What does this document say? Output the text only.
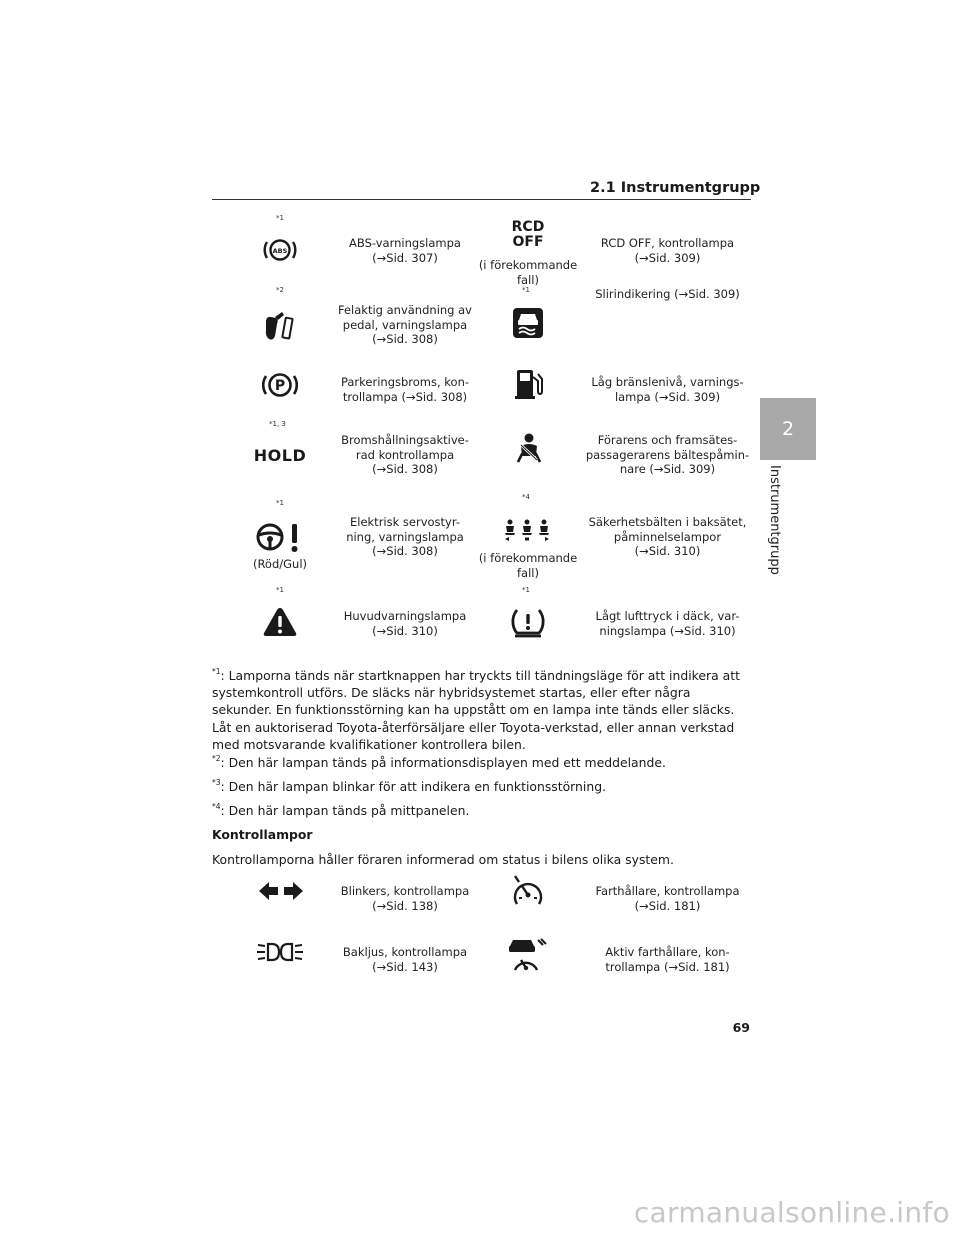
2.1 Instrumentgrupp
2
Instrumentgrupp
*1
ABS
ABS-varningslampa
(→Sid. 307)
RCD
OFF
(i förekommande
fall)
RCD OFF, kontrollampa
(→Sid. 309)
*2
Felaktig användning av
pedal, varningslampa
(→Sid. 308)
*1	Slirindikering (→Sid. 309)
P	Parkeringsbroms, kon-
trollampa (→Sid. 308)
Låg bränslenivå, varnings-
lampa (→Sid. 309)
*1, 3
HOLD
Bromshållningsaktive-
rad kontrollampa
(→Sid. 308)
Förarens och framsätes-
passagerarens bältespåmin-
nare (→Sid. 309)
*1
(Röd/Gul)
Elektrisk servostyr-
ning, varningslampa
(→Sid. 308)
*4
(i förekommande
fall)
Säkerhetsbälten i baksätet,
påminnelselampor
(→Sid. 310)
*1
Huvudvarningslampa
(→Sid. 310)
*1
Lågt lufttryck i däck, var-
ningslampa (→Sid. 310)
$^{*1}$: Lamporna tänds när startknappen har tryckts till tändningsläge för att indikera att systemkontroll utförs. De släcks när hybridsystemet startas, eller efter några sekunder. En funktionsstörning kan ha uppstått om en lampa inte tänds eller släcks. Låt en auktoriserad Toyota-återförsäljare eller Toyota-verkstad, eller annan verkstad med motsvarande kvalifikationer kontrollera bilen.
$^{*2}$: Den här lampan tänds på informationsdisplayen med ett meddelande.
$^{*3}$: Den här lampan blinkar för att indikera en funktionsstörning.
$^{*4}$: Den här lampan tänds på mittpanelen.
Kontrollampor
Kontrollamporna håller föraren informerad om status i bilens olika system.
Blinkers, kontrollampa
(→Sid. 138)
Farthållare, kontrollampa
(→Sid. 181)
Bakljus, kontrollampa
(→Sid. 143)
Aktiv farthållare, kon-
trollampa (→Sid. 181)
69
carmanualsonline.info
